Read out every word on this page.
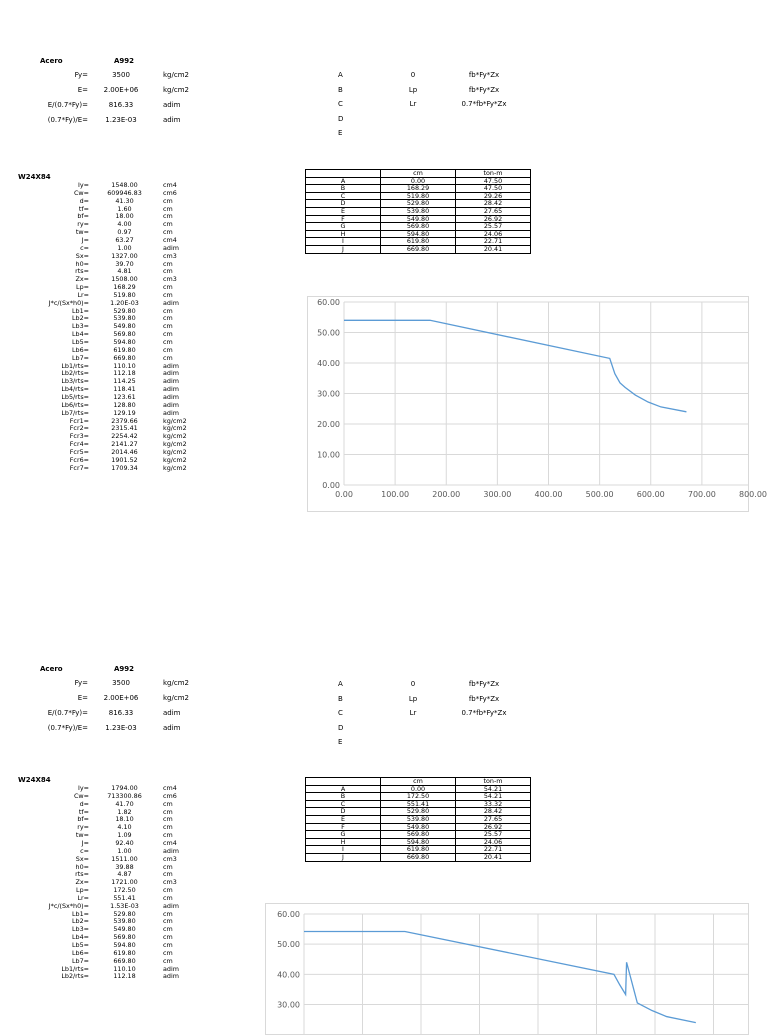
Acero	A992
Fy=	3500	kg/cm2
E= 2.00E+06	kg/cm2
E/(0.7*Fy)=	816.33	adim
(0.7*Fy)/E=	1.23E-03	adim
A	0	fb*Fy*Zx
B	Lp	fb*Fy*Zx
C	Lr	0.7*fb*Fy*Zx
D
E
W24X84
Iy=	1548.00	cm4
Cw=	609946.83	cm6
d=	41.30	cm
tf=	1.60	cm
bf=	18.00	cm
ry=	4.00	cm
tw=	0.97	cm
J=	63.27	cm4
c=	1.00	adim
Sx=	1327.00	cm3
h0=	39.70	cm
rts=	4.81	cm
Zx=	1508.00	cm3
Lp=	168.29	cm
Lr=	519.80	cm
J*c/(Sx*h0)=	1.20E-03	adim
Lb1=	529.80	cm
Lb2=	539.80	cm
Lb3=	549.80	cm
Lb4=	569.80	cm
Lb5=	594.80	cm
Lb6=	619.80	cm
Lb7=	669.80	cm
Lb1/rts=	110.10	adim
Lb2/rts=	112.18	adim
Lb3/rts=	114.25	adim
Lb4/rts=	118.41	adim
Lb5/rts=	123.61	adim
Lb6/rts=	128.80	adim
Lb7/rts=	129.19	adim
Fcr1=	2379.66	kg/cm2
Fcr2=	2315.41	kg/cm2
Fcr3=	2254.42	kg/cm2
Fcr4=	2141.27	kg/cm2
Fcr5=	2014.46	kg/cm2
Fcr6=	1901.52	kg/cm2
Fcr7=	1709.34	kg/cm2
	cm	ton-m
A	0.00	47.50
B	168.29	47.50
C	519.80	29.26
D	529.80	28.42
E	539.80	27.65
F	549.80	26.92
G	569.80	25.57
H	594.80	24.06
I	619.80	22.71
J	669.80	20.41
0.00
10.00
20.00
30.00
40.00
50.00
60.00
0.00	100.00	200.00	300.00	400.00	500.00	600.00	700.00	800.00
Acero	A992
Fy=	3500	kg/cm2
E= 2.00E+06	kg/cm2
E/(0.7*Fy)=	816.33	adim
(0.7*Fy)/E=	1.23E-03	adim
A	0	fb*Fy*Zx
B	Lp	fb*Fy*Zx
C	Lr	0.7*fb*Fy*Zx
D
E
W24X84
Iy=	1794.00	cm4
Cw=	713300.86	cm6
d=	41.70	cm
tf=	1.82	cm
bf=	18.10	cm
ry=	4.10	cm
tw=	1.09	cm
J=	92.40	cm4
c=	1.00	adim
Sx=	1511.00	cm3
h0=	39.88	cm
rts=	4.87	cm
Zx=	1721.00	cm3
Lp=	172.50	cm
Lr=	551.41	cm
J*c/(Sx*h0)=	1.53E-03	adim
Lb1=	529.80	cm
Lb2=	539.80	cm
Lb3=	549.80	cm
Lb4=	569.80	cm
Lb5=	594.80	cm
Lb6=	619.80	cm
Lb7=	669.80	cm
Lb1/rts=	110.10	adim
Lb2/rts=	112.18	adim
	cm	ton-m
A	0.00	54.21
B	172.50	54.21
C	551.41	33.32
D	529.80	28.42
E	539.80	27.65
F	549.80	26.92
G	569.80	25.57
H	594.80	24.06
I	619.80	22.71
J	669.80	20.41
60.00
50.00
40.00
30.00
